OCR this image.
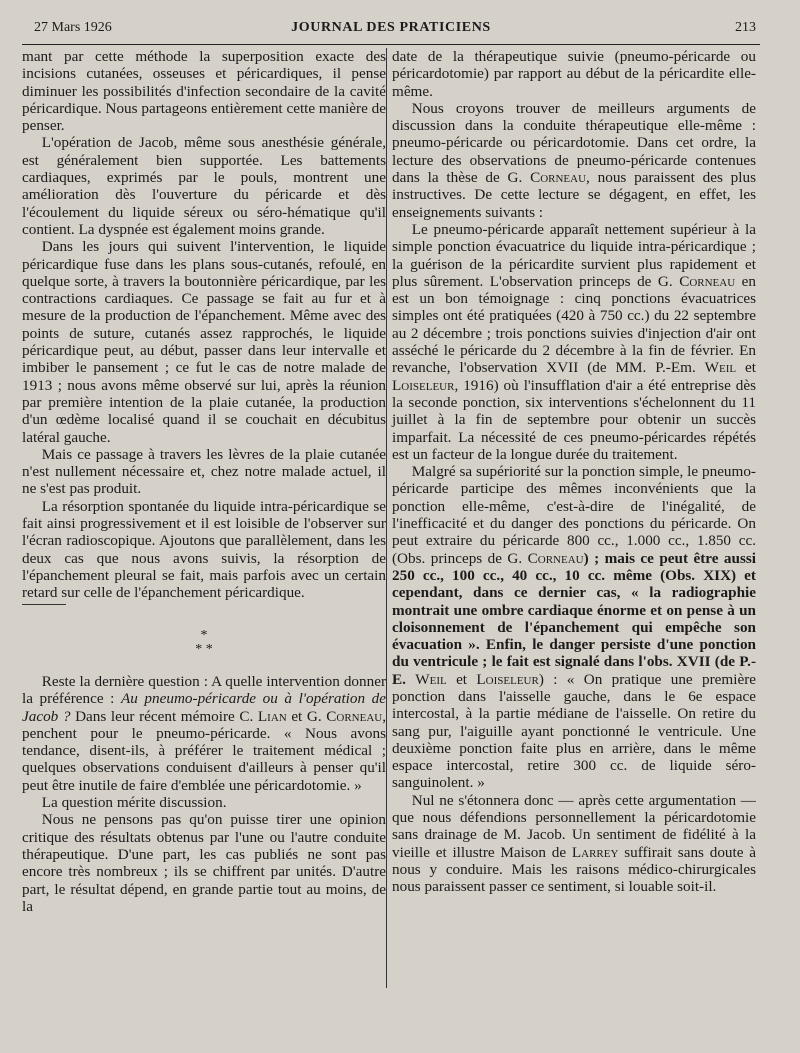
27 Mars 1926	JOURNAL DES PRATICIENS	213

mant par cette méthode la superposition exacte des incisions cutanées, osseuses et péricardiques, il pense diminuer les possibilités d'infection secondaire de la cavité péricardique. Nous partageons entièrement cette manière de penser.

L'opération de Jacob, même sous anesthésie générale, est généralement bien supportée. Les battements cardiaques, exprimés par le pouls, montrent une amélioration dès l'ouverture du péricarde et dès l'écoulement du liquide séreux ou séro-hématique qu'il contient. La dyspnée est également moins grande.

Dans les jours qui suivent l'intervention, le liquide péricardique fuse dans les plans sous-cutanés, refoulé, en quelque sorte, à travers la boutonnière péricardique, par les contractions cardiaques. Ce passage se fait au fur et à mesure de la production de l'épanchement. Même avec des points de suture, cutanés assez rapprochés, le liquide péricardique peut, au début, passer dans leur intervalle et imbiber le pansement ; ce fut le cas de notre malade de 1913 ; nous avons même observé sur lui, après la réunion par première intention de la plaie cutanée, la production d'un œdème localisé quand il se couchait en décubitus latéral gauche.

Mais ce passage à travers les lèvres de la plaie cutanée n'est nullement nécessaire et, chez notre malade actuel, il ne s'est pas produit.

La résorption spontanée du liquide intra-péricardique se fait ainsi progressivement et il est loisible de l'observer sur l'écran radioscopique. Ajoutons que parallèlement, dans les deux cas que nous avons suivis, la résorption de l'épanchement pleural se fait, mais parfois avec un certain retard sur celle de l'épanchement péricardique.

*
* *

Reste la dernière question : A quelle intervention donner la préférence : Au pneumo-péricarde ou à l'opération de Jacob ? Dans leur récent mémoire C. Lian et G. Corneau, penchent pour le pneumo-péricarde. « Nous avons tendance, disent-ils, à préférer le traitement médical ; quelques observations conduisent d'ailleurs à penser qu'il peut être inutile de faire d'emblée une péricardotomie. »

La question mérite discussion.

Nous ne pensons pas qu'on puisse tirer une opinion critique des résultats obtenus par l'une ou l'autre conduite thérapeutique. D'une part, les cas publiés ne sont pas encore très nombreux ; ils se chiffrent par unités. D'autre part, le résultat dépend, en grande partie tout au moins, de la

date de la thérapeutique suivie (pneumo-péricarde ou péricardotomie) par rapport au début de la péricardite elle-même.

Nous croyons trouver de meilleurs arguments de discussion dans la conduite thérapeutique elle-même : pneumo-péricarde ou péricardotomie. Dans cet ordre, la lecture des observations de pneumo-péricarde contenues dans la thèse de G. Corneau, nous paraissent des plus instructives. De cette lecture se dégagent, en effet, les enseignements suivants :

Le pneumo-péricarde apparaît nettement supérieur à la simple ponction évacuatrice du liquide intra-péricardique ; la guérison de la péricardite survient plus rapidement et plus sûrement. L'observation princeps de G. Corneau en est un bon témoignage : cinq ponctions évacuatrices simples ont été pratiquées (420 à 750 cc.) du 22 septembre au 2 décembre ; trois ponctions suivies d'injection d'air ont asséché le péricarde du 2 décembre à la fin de février. En revanche, l'observation XVII (de MM. P.-Em. Weil et Loiseleur, 1916) où l'insufflation d'air a été entreprise dès la seconde ponction, six interventions s'échelonnent du 11 juillet à la fin de septembre pour obtenir un succès imparfait. La nécessité de ces pneumo-péricardes répétés est un facteur de la longue durée du traitement.

Malgré sa supériorité sur la ponction simple, le pneumo-péricarde participe des mêmes inconvénients que la ponction elle-même, c'est-à-dire de l'inégalité, de l'inefficacité et du danger des ponctions du péricarde. On peut extraire du péricarde 800 cc., 1.000 cc., 1.850 cc. (Obs. princeps de G. Corneau) ; mais ce peut être aussi 250 cc., 100 cc., 40 cc., 10 cc. même (Obs. XIX) et cependant, dans ce dernier cas, « la radiographie montrait une ombre cardiaque énorme et on pense à un cloisonnement de l'épanchement qui empêche son évacuation ». Enfin, le danger persiste d'une ponction du ventricule ; le fait est signalé dans l'obs. XVII (de P.-E. Weil et Loiseleur) : « On pratique une première ponction dans l'aisselle gauche, dans le 6e espace intercostal, à la partie médiane de l'aisselle. On retire du sang pur, l'aiguille ayant ponctionné le ventricule. Une deuxième ponction faite plus en arrière, dans le même espace intercostal, retire 300 cc. de liquide séro-sanguinolent. »

Nul ne s'étonnera donc — après cette argumentation — que nous défendions personnellement la péricardotomie sans drainage de M. Jacob. Un sentiment de fidélité à la vieille et illustre Maison de Larrey suffirait sans doute à nous y conduire. Mais les raisons médico-chirurgicales nous paraissent passer ce sentiment, si louable soit-il.
